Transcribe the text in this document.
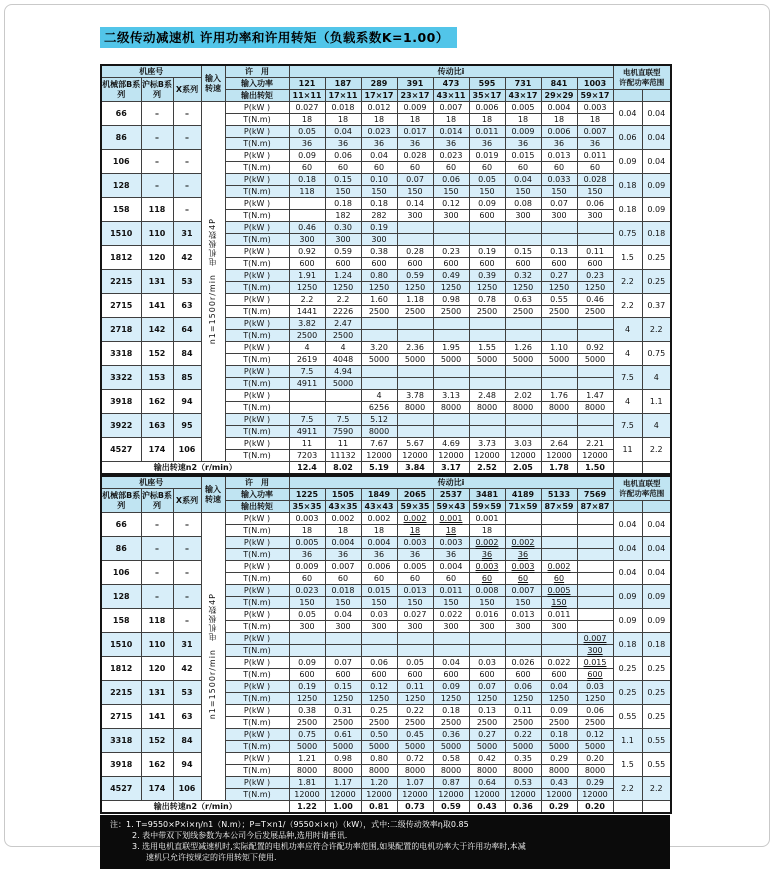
二级传动减速机 许用功率和许用转矩（负载系数K=1.00）
机座号			输入转速	许　用	传动比i									电机直联型
许配功率范围	

机械部B系列	沪标B系列	X系列		输入功率	121	187	289	391	473	595	731	841	1003		
				输出转矩	11×11	17×11	17×17	23×17	43×11	35×17	43×17	29×29	59×17		
66	–	–	电机极数4P
n1=1500r/min	P(kW )	0.027	0.018	0.012	0.009	0.007	0.006	0.005	0.004	0.003	0.04	0.04
				T(N.m)	18	18	18	18	18	18	18	18	18		
86	–	–		P(kW )	0.05	0.04	0.023	0.017	0.014	0.011	0.009	0.006	0.007	0.06	0.04
				T(N.m)	36	36	36	36	36	36	36	36	36		
106	–	–		P(kW )	0.09	0.06	0.04	0.028	0.023	0.019	0.015	0.013	0.011	0.09	0.04
				T(N.m)	60	60	60	60	60	60	60	60	60		
128	–	–		P(kW )	0.18	0.15	0.10	0.07	0.06	0.05	0.04	0.033	0.028	0.18	0.09
				T(N.m)	118	150	150	150	150	150	150	150	150		
158	118	–		P(kW )		0.18	0.18	0.14	0.12	0.09	0.08	0.07	0.06	0.18	0.09
				T(N.m)		182	282	300	300	600	300	300	300		
1510	110	31		P(kW )	0.46	0.30	0.19							0.75	0.18
				T(N.m)	300	300	300								
1812	120	42		P(kW )	0.92	0.59	0.38	0.28	0.23	0.19	0.15	0.13	0.11	1.5	0.25
				T(N.m)	600	600	600	600	600	600	600	600	600		
2215	131	53		P(kW )	1.91	1.24	0.80	0.59	0.49	0.39	0.32	0.27	0.23	2.2	0.25
				T(N.m)	1250	1250	1250	1250	1250	1250	1250	1250	1250		
2715	141	63		P(kW )	2.2	2.2	1.60	1.18	0.98	0.78	0.63	0.55	0.46	2.2	0.37
				T(N.m)	1441	2226	2500	2500	2500	2500	2500	2500	2500		
2718	142	64		P(kW )	3.82	2.47								4	2.2
				T(N.m)	2500	2500									
3318	152	84		P(kW )	4	4	3.20	2.36	1.95	1.55	1.26	1.10	0.92	4	0.75
				T(N.m)	2619	4048	5000	5000	5000	5000	5000	5000	5000		
3322	153	85		P(kW )	7.5	4.94								7.5	4
				T(N.m)	4911	5000									
3918	162	94		P(kW )			4	3.78	3.13	2.48	2.02	1.76	1.47	4	1.1
				T(N.m)			6256	8000	8000	8000	8000	8000	8000		
3922	163	95		P(kW )	7.5	7.5	5.12							7.5	4
				T(N.m)	4911	7590	8000								
4527	174	106		P(kW )	11	11	7.67	5.67	4.69	3.73	3.03	2.64	2.21	11	2.2
				T(N.m)	7203	11132	12000	12000	12000	12000	12000	12000	12000		
输出转速n2（r/min）					12.4	8.02	5.19	3.84	3.17	2.52	2.05	1.78	1.50		
机座号			输入转速	许　用	传动比i									电机直联型
许配功率范围	

机械部B系列	沪标B系列	X系列		输入功率	1225	1505	1849	2065	2537	3481	4189	5133	7569		
				输出转矩	35×35	43×35	43×43	59×35	59×43	59×59	71×59	87×59	87×87		
66	–	–	电机极数4P
n1=1500r/min	P(kW )	0.003	0.002	0.002	0.002	0.001	0.001				0.04	0.04
				T(N.m)	18	18	18	18	18	18					
86	–	–		P(kW )	0.005	0.004	0.004	0.003	0.003	0.002	0.002			0.04	0.04
				T(N.m)	36	36	36	36	36	36	36				
106	–	–		P(kW )	0.009	0.007	0.006	0.005	0.004	0.003	0.003	0.002		0.04	0.04
				T(N.m)	60	60	60	60	60	60	60	60			
128	–	–		P(kW )	0.023	0.018	0.015	0.013	0.011	0.008	0.007	0.005		0.09	0.09
				T(N.m)	150	150	150	150	150	150	150	150			
158	118	–		P(kW )	0.05	0.04	0.03	0.027	0.022	0.016	0.013	0.011		0.09	0.09
				T(N.m)	300	300	300	300	300	300	300	300			
1510	110	31		P(kW )									0.007	0.18	0.18
				T(N.m)									300		
1812	120	42		P(kW )	0.09	0.07	0.06	0.05	0.04	0.03	0.026	0.022	0.015	0.25	0.25
				T(N.m)	600	600	600	600	600	600	600	600	600		
2215	131	53		P(kW )	0.19	0.15	0.12	0.11	0.09	0.07	0.06	0.04	0.03	0.25	0.25
				T(N.m)	1250	1250	1250	1250	1250	1250	1250	1250	1250		
2715	141	63		P(kW )	0.38	0.31	0.25	0.22	0.18	0.13	0.11	0.09	0.06	0.55	0.25
				T(N.m)	2500	2500	2500	2500	2500	2500	2500	2500	2500		
3318	152	84		P(kW )	0.75	0.61	0.50	0.45	0.36	0.27	0.22	0.18	0.12	1.1	0.55
				T(N.m)	5000	5000	5000	5000	5000	5000	5000	5000	5000		
3918	162	94		P(kW )	1.21	0.98	0.80	0.72	0.58	0.42	0.35	0.29	0.20	1.5	0.55
				T(N.m)	8000	8000	8000	8000	8000	8000	8000	8000	8000		
4527	174	106		P(kW )	1.81	1.17	1.20	1.07	0.87	0.64	0.53	0.43	0.29	2.2	2.2
				T(N.m)	12000	12000	12000	12000	12000	12000	12000	12000	12000		
输出转速n2（r/min）					1.22	1.00	0.81	0.73	0.59	0.43	0.36	0.29	0.20		
注：1. T=9550×P×i×η/n1（N.m）；P=T×n1/（9550×i×η）（kW），式中:二级传动效率η取0.85
2. 表中带双下划线参数为本公司今后发展品种,选用时请垂讯.
3. 选用电机直联型减速机时,实际配置的电机功率应符合许配功率范围,如果配置的电机功率大于许用功率时,本减
速机只允许按规定的许用转矩下使用.
